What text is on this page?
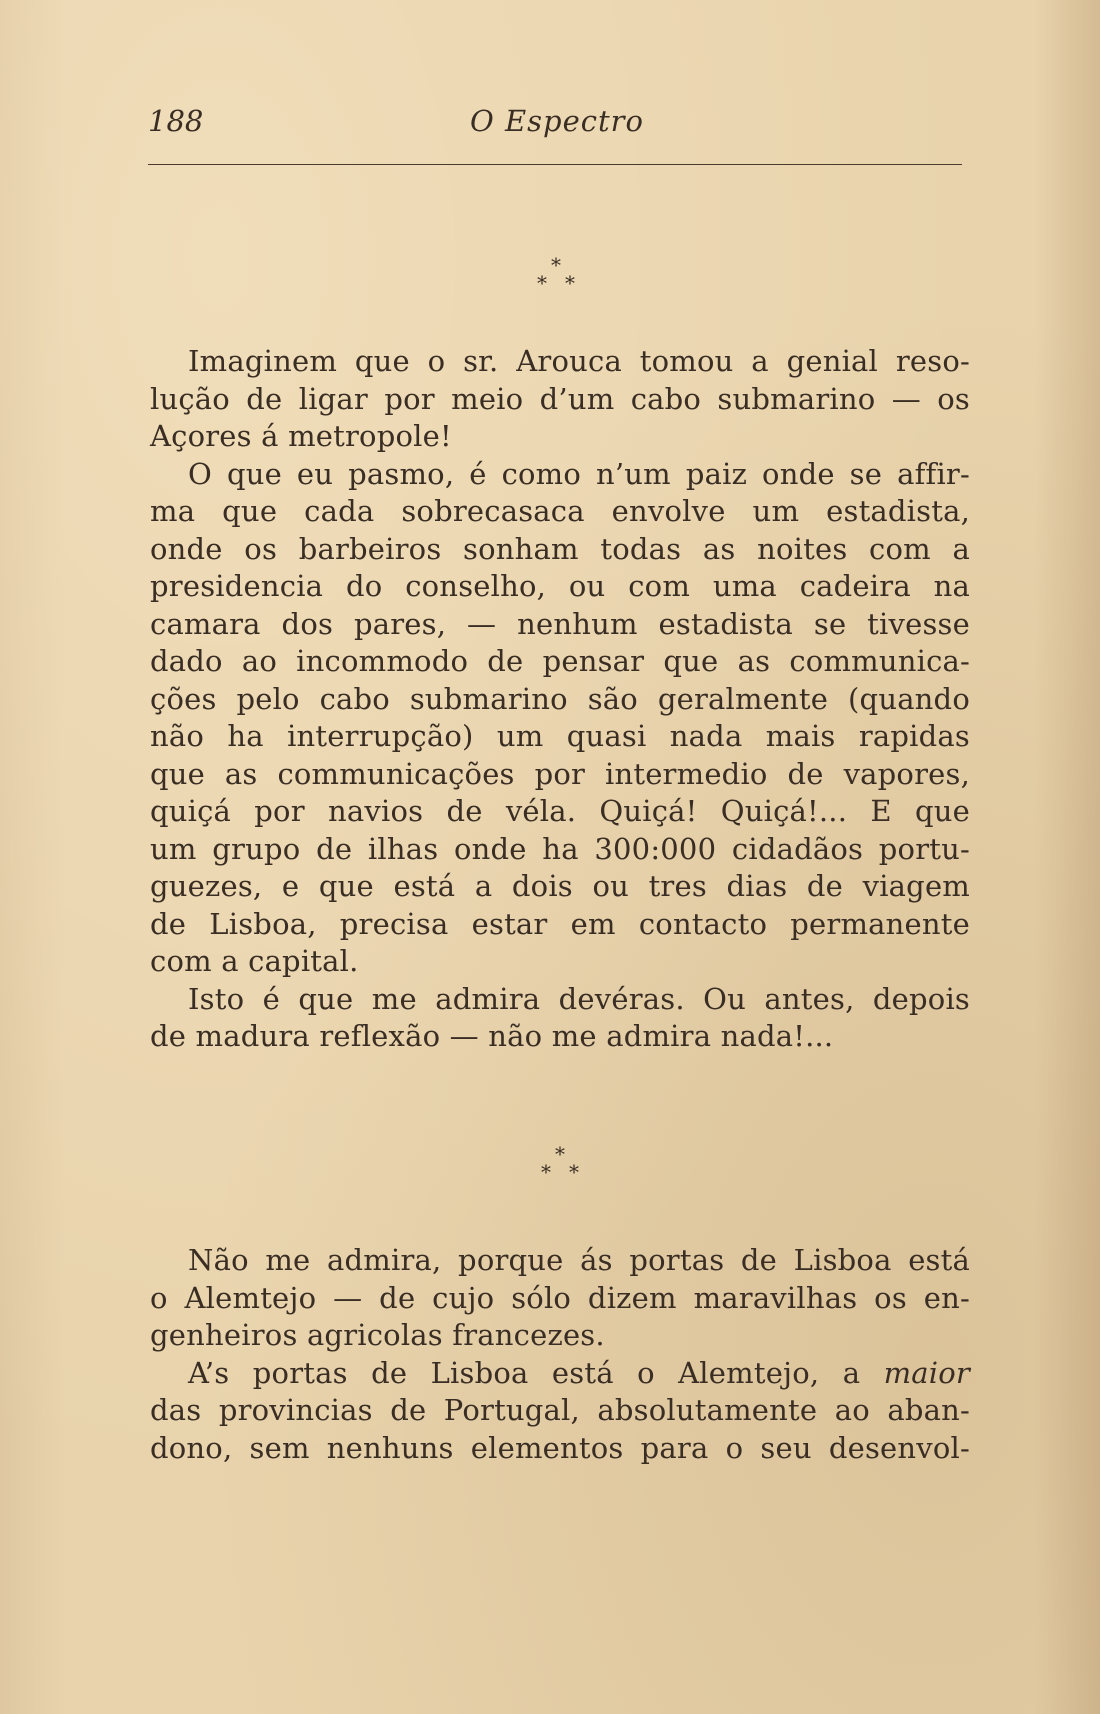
188	O Espectro
*
**
Imaginem que o sr. Arouca tomou a genial reso-
lução de ligar por meio d’um cabo submarino — os
Açores á metropole!
O que eu pasmo, é como n’um paiz onde se affir-
ma que cada sobrecasaca envolve um estadista,
onde os barbeiros sonham todas as noites com a
presidencia do conselho, ou com uma cadeira na
camara dos pares, — nenhum estadista se tivesse
dado ao incommodo de pensar que as communica-
ções pelo cabo submarino são geralmente (quando
não ha interrupção) um quasi nada mais rapidas
que as communicações por intermedio de vapores,
quiçá por navios de véla. Quiçá! Quiçá!... E que
um grupo de ilhas onde ha 300:000 cidadãos portu-
guezes, e que está a dois ou tres dias de viagem
de Lisboa, precisa estar em contacto permanente
com a capital.
Isto é que me admira devéras. Ou antes, depois
de madura reflexão — não me admira nada!...
*
**
Não me admira, porque ás portas de Lisboa está
o Alemtejo — de cujo sólo dizem maravilhas os en-
genheiros agricolas francezes.
A’s portas de Lisboa está o Alemtejo, a maior
das provincias de Portugal, absolutamente ao aban-
dono, sem nenhuns elementos para o seu desenvol-
